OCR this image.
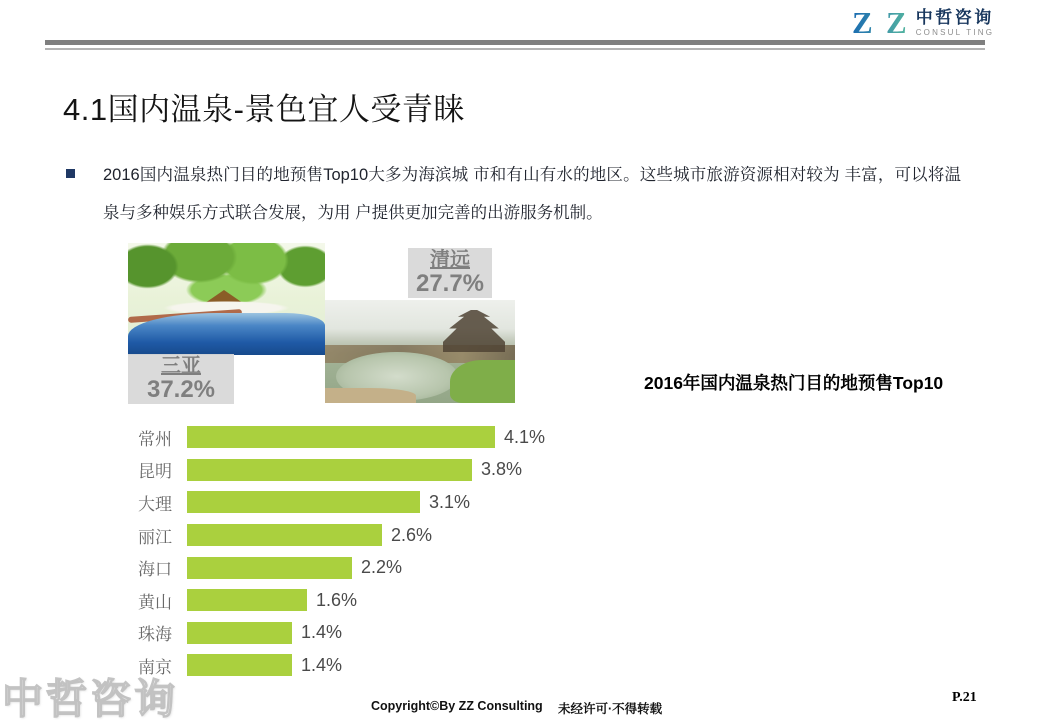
Z&Z 中哲咨询
CONSUL TING
4.1国内温泉-景色宜人受青睐

2016国内温泉热门目的地预售Top10大多为海滨城 市和有山有水的地区。这些城市旅游资源相对较为 丰富，可以将温泉与多种娱乐方式联合发展，为用 户提供更加完善的出游服务机制。

三亚
37.2%
清远
27.7%
2016年国内温泉热门目的地预售Top10
常州	4.1%
昆明	3.8%
大理	3.1%
丽江	2.6%
海口	2.2%
黄山	1.6%
珠海	1.4%
南京	1.4%
Copyright©By ZZ Consulting 未经许可·不得转载
P.21
中哲咨询
